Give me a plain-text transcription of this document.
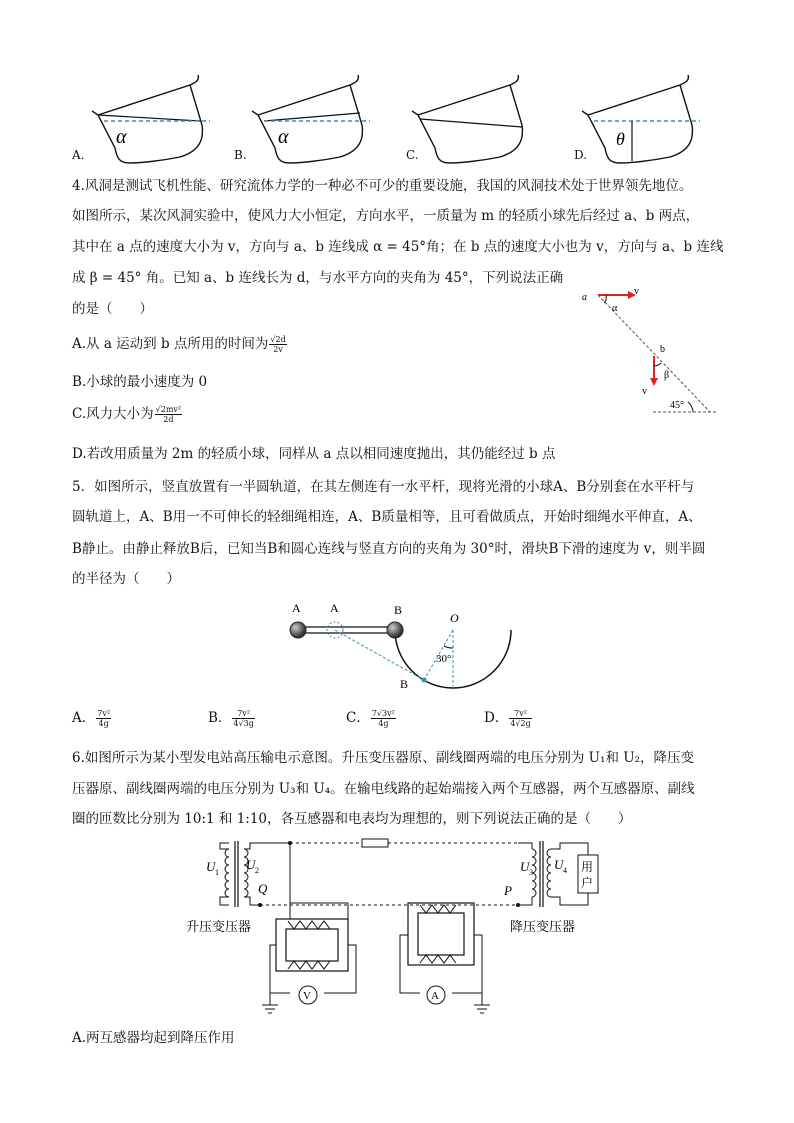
α	α	θ
A.	B.	C.	D.
4.风洞是测试飞机性能、研究流体力学的一种必不可少的重要设施，我国的风洞技术处于世界领先地位。
如图所示，某次风洞实验中，使风力大小恒定，方向水平，一质量为 m 的轻质小球先后经过 a、b 两点，
其中在 a 点的速度大小为 v，方向与 a、b 连线成 α = 45°角；在 b 点的速度大小也为 v，方向与 a、b 连线
成 β = 45° 角。已知 a、b 连线长为 d，与水平方向的夹角为 45°，下列说法正确
的是（　　）
A.从 a 运动到 b 点所用的时间为 $\frac{√2d}{2v}$
B.小球的最小速度为 0
C.风力大小为 $\frac{\text{√2mv²}}{2d}$
D.若改用质量为 2m 的轻质小球，同样从 a 点以相同速度抛出，其仍能经过 b 点
a
v
α
b
β
v
45°
5．如图所示，竖直放置有一半圆轨道，在其左侧连有一水平杆，现将光滑的小球A、B分别套在水平杆与
圆轨道上，A、B用一不可伸长的轻细绳相连，A、B质量相等，且可看做质点，开始时细绳水平伸直，A、
B静止。由静止释放B后，已知当B和圆心连线与竖直方向的夹角为 30°时，滑块B下滑的速度为 v，则半圆
的半径为（　　）
A A	B
O
30°
B
A． $\frac{\text{7v²}}{4g}$	B． $\frac{\text{7v²}}{4√3g}$	C． $\frac{\text{7√3v²}}{4g}$	D． $\frac{\text{7v²}}{4√2g}$
6.如图所示为某小型发电站高压输电示意图。升压变压器原、副线圈两端的电压分别为 U₁和 U₂，降压变
压器原、副线圈两端的电压分别为 U₃和 U₄。在输电线路的起始端接入两个互感器，两个互感器原、副线
圈的匝数比分别为 10:1 和 1:10，各互感器和电表均为理想的，则下列说法正确的是（　　）
U 1
U 2
Q
用
户
U 3
U 4
P
V	A
升压变压器	降压变压器
A.两互感器均起到降压作用
